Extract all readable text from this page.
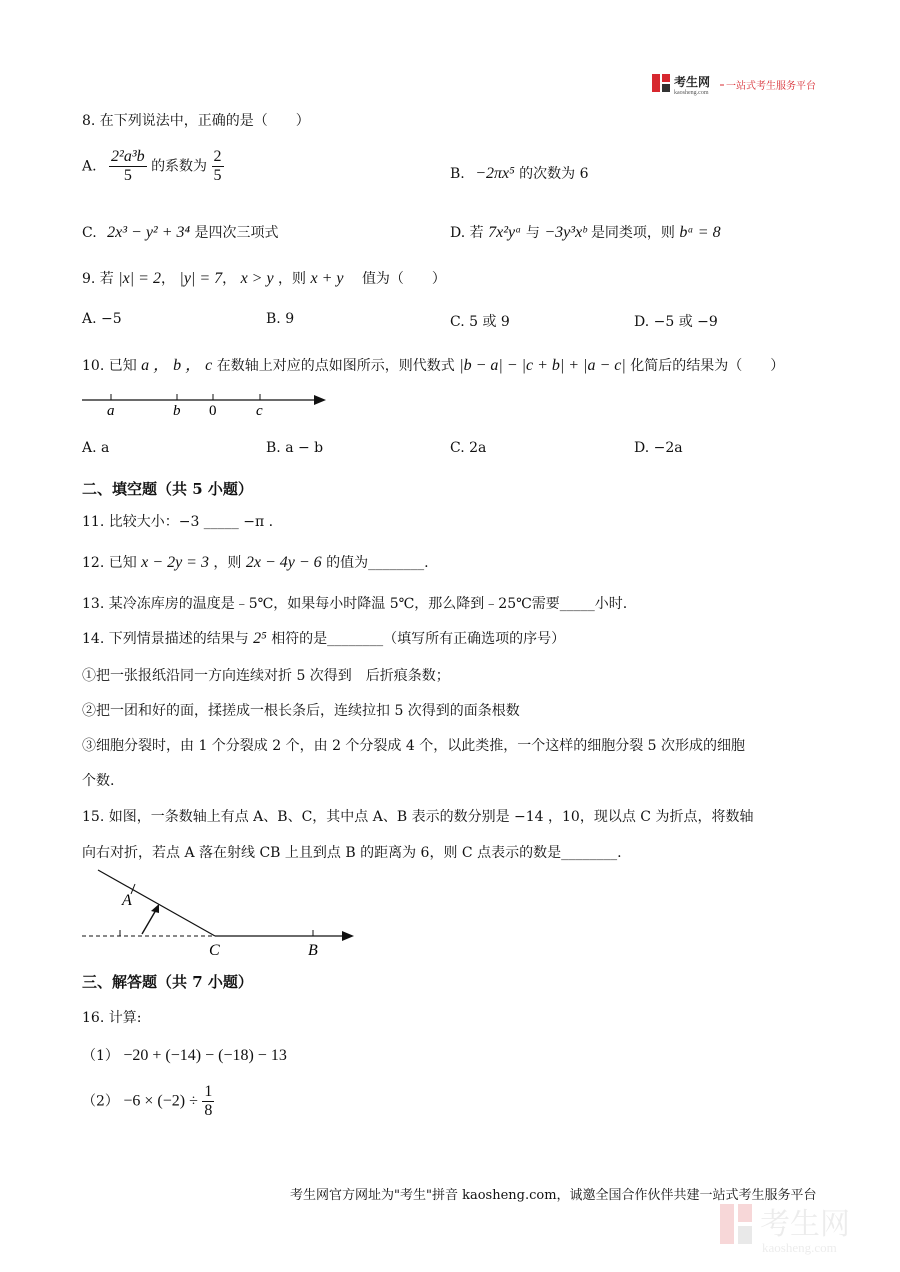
考生网
kaosheng.com
一站式考生服务平台
8. 在下列说法中，正确的是（　　）
A. $\frac{\text{2²a³b}}{5}$ 的系数为 $\frac{2}{5}$	B. −2πx⁵ 的次数为 6
C. 2x³ − y² + 3⁴ 是四次三项式	D. 若 7x²yᵃ 与 −3y³xᵇ 是同类项，则 bᵃ = 8
9. 若 |x| = 2， |y| = 7， x > y ，则 x + y 值为（　　）
A. −5	B. 9	C. 5 或 9	D. −5 或 −9
10. 已知 a ， b ， c 在数轴上对应的点如图所示，则代数式 |b − a| − |c + b| + |a − c| 化简后的结果为（　　）
a	b 0	c
A. a	B. a − b	C. 2a	D. −2a
二、填空题（共 5 小题）
11. 比较大小：−3 _____ −π .
12. 已知 x − 2y = 3 ，则 2x − 4y − 6 的值为________.
13. 某冷冻库房的温度是﹣5℃，如果每小时降温 5℃，那么降到﹣25℃需要_____小时.
14. 下列情景描述的结果与 2⁵ 相符的是________（填写所有正确选项的序号）
①把一张报纸沿同一方向连续对折 5 次得到　后折痕条数；
②把一团和好的面，揉搓成一根长条后，连续拉扣 5 次得到的面条根数
③细胞分裂时，由 1 个分裂成 2 个，由 2 个分裂成 4 个，以此类推，一个这样的细胞分裂 5 次形成的细胞
个数.
15. 如图，一条数轴上有点 A、B、C，其中点 A、B 表示的数分别是 −14 ，10，现以点 C 为折点，将数轴
向右对折，若点 A 落在射线 CB 上且到点 B 的距离为 6，则 C 点表示的数是________.
A
C	B
三、解答题（共 7 小题）
16. 计算:
（1） −20 + (−14) − (−18) − 13
$(2) -6 \times (-2) \div \frac{1}{8}$
考生网官方网址为"考生"拼音 kaosheng.com，诚邀全国合作伙伴共建一站式考生服务平台
考生网
kaosheng.com
